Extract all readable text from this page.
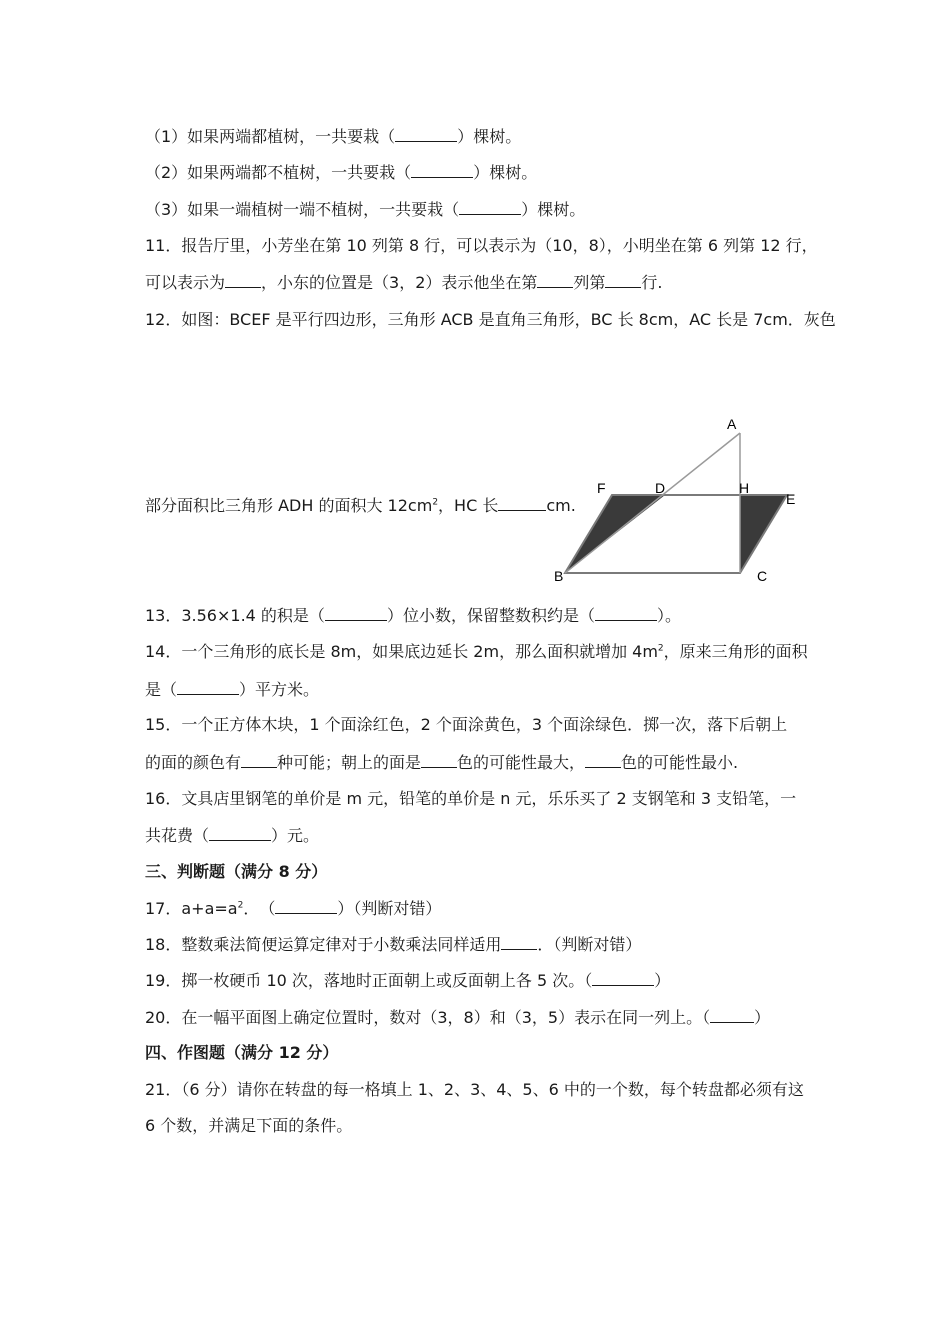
（1）如果两端都植树，一共要栽（	）棵树。
（2）如果两端都不植树，一共要栽（	）棵树。
（3）如果一端植树一端不植树，一共要栽（	）棵树。
11．报告厅里，小芳坐在第 10 列第 8 行，可以表示为（10，8），小明坐在第 6 列第 12 行，
可以表示为 ，小东的位置是（3，2）表示他坐在第 列第 行.
12．如图：BCEF 是平行四边形，三角形 ACB 是直角三角形，BC 长 8cm，AC 长是 7cm．灰色
部分面积比三角形 ADH 的面积大 $12cm^2$，HC 长	cm.
A
B	C
D
E
F	H
13．3.56×1.4 的积是（	）位小数，保留整数积约是（	）。
14．一个三角形的底长是 8m，如果底边延长 2m，那么面积就增加 $4m^2$，原来三角形的面积
是（	）平方米。
15．一个正方体木块，1 个面涂红色，2 个面涂黄色，3 个面涂绿色．掷一次，落下后朝上
的面的颜色有 种可能；朝上的面是 色的可能性最大， 色的可能性最小.
16．文具店里钢笔的单价是 m 元，铅笔的单价是 n 元，乐乐买了 2 支钢笔和 3 支铅笔，一
共花费（	）元。
三、判断题（满分 8 分）
17．$a+a=a^2$．　（	）（判断对错）
18．整数乘法简便运算定律对于小数乘法同样适用 ．（判断对错）
19．掷一枚硬币 10 次，落地时正面朝上或反面朝上各 5 次。（	）
20．在一幅平面图上确定位置时，数对（3，8）和（3，5）表示在同一列上。（	）
四、作图题（满分 12 分）
21．（6 分）请你在转盘的每一格填上 1、2、3、4、5、6 中的一个数，每个转盘都必须有这
6 个数，并满足下面的条件。
